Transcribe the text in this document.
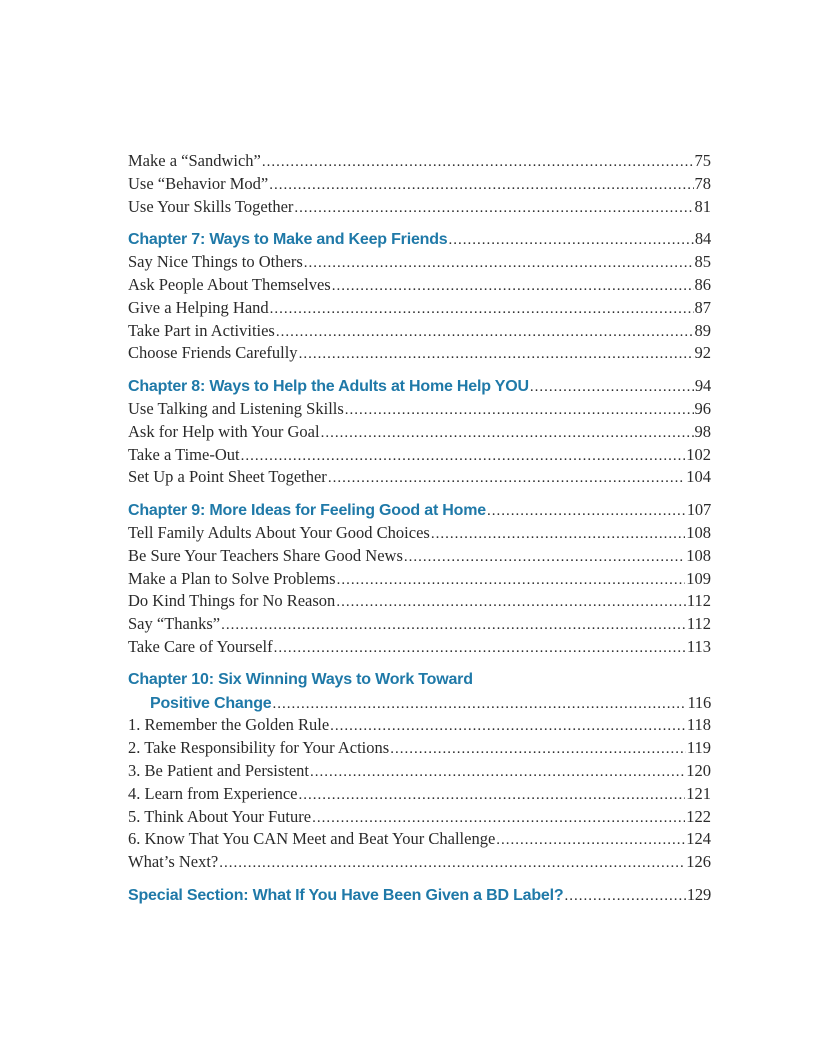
Make a “Sandwich” .....	75
Use “Behavior Mod” .....	78
Use Your Skills Together .....	81
Chapter 7: Ways to Make and Keep Friends .....	84
Say Nice Things to Others .....	85
Ask People About Themselves .....	86
Give a Helping Hand .....	87
Take Part in Activities .....	89
Choose Friends Carefully .....	92
Chapter 8: Ways to Help the Adults at Home Help YOU .....	94
Use Talking and Listening Skills .....	96
Ask for Help with Your Goal .....	98
Take a Time-Out .....	102
Set Up a Point Sheet Together .....	104
Chapter 9: More Ideas for Feeling Good at Home .....	107
Tell Family Adults About Your Good Choices .....	108
Be Sure Your Teachers Share Good News .....	108
Make a Plan to Solve Problems .....	109
Do Kind Things for No Reason .....	112
Say “Thanks” .....	112
Take Care of Yourself .....	113
Chapter 10: Six Winning Ways to Work Toward
Positive Change .....	116
1. Remember the Golden Rule .....	118
2. Take Responsibility for Your Actions .....	119
3. Be Patient and Persistent .....	120
4. Learn from Experience .....	121
5. Think About Your Future .....	122
6. Know That You CAN Meet and Beat Your Challenge .....	124
What’s Next? .....	126
Special Section: What If You Have Been Given a BD Label? .....	129
